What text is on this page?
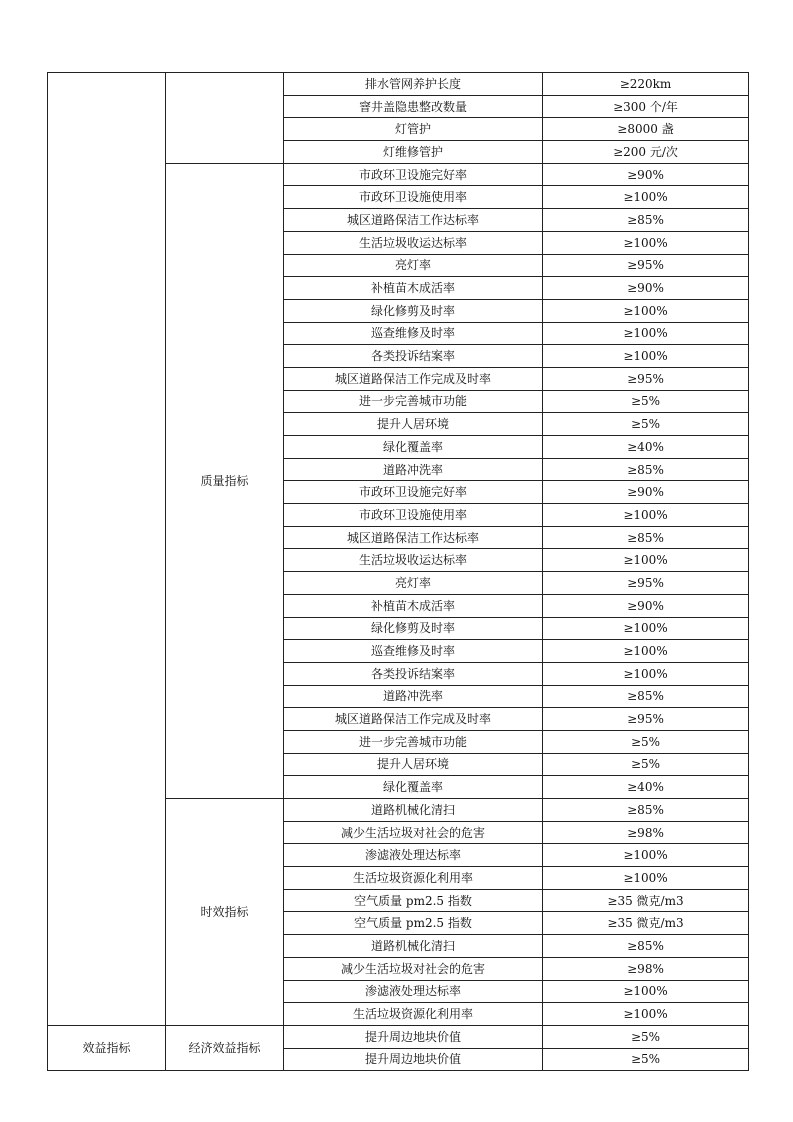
		排水管网养护长度	≥220km
		窨井盖隐患整改数量	≥300 个/年
		灯管护	≥8000 盏
		灯维修管护	≥200 元/次
	质量指标	市政环卫设施完好率	≥90%
		市政环卫设施使用率	≥100%
		城区道路保洁工作达标率	≥85%
		生活垃圾收运达标率	≥100%
		亮灯率	≥95%
		补植苗木成活率	≥90%
		绿化修剪及时率	≥100%
		巡查维修及时率	≥100%
		各类投诉结案率	≥100%
		城区道路保洁工作完成及时率	≥95%
		进一步完善城市功能	≥5%
		提升人居环境	≥5%
		绿化覆盖率	≥40%
		道路冲洗率	≥85%
		市政环卫设施完好率	≥90%
		市政环卫设施使用率	≥100%
		城区道路保洁工作达标率	≥85%
		生活垃圾收运达标率	≥100%
		亮灯率	≥95%
		补植苗木成活率	≥90%
		绿化修剪及时率	≥100%
		巡查维修及时率	≥100%
		各类投诉结案率	≥100%
		道路冲洗率	≥85%
		城区道路保洁工作完成及时率	≥95%
		进一步完善城市功能	≥5%
		提升人居环境	≥5%
		绿化覆盖率	≥40%
	时效指标	道路机械化清扫	≥85%
		减少生活垃圾对社会的危害	≥98%
		渗滤液处理达标率	≥100%
		生活垃圾资源化利用率	≥100%
		空气质量 pm2.5 指数	≥35 微克/m3
		空气质量 pm2.5 指数	≥35 微克/m3
		道路机械化清扫	≥85%
		减少生活垃圾对社会的危害	≥98%
		渗滤液处理达标率	≥100%
		生活垃圾资源化利用率	≥100%
效益指标	经济效益指标	提升周边地块价值	≥5%
		提升周边地块价值	≥5%
